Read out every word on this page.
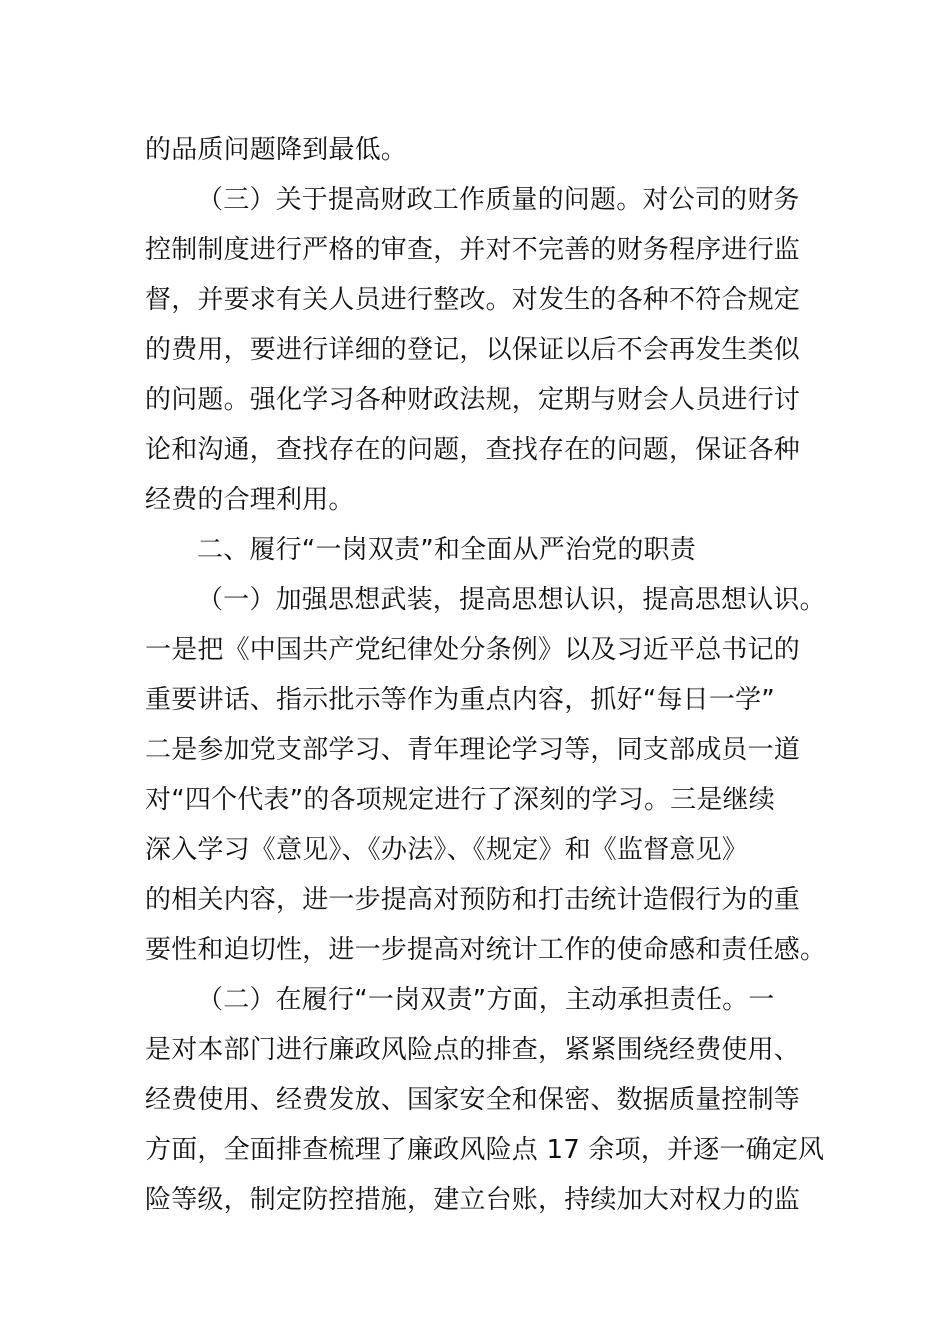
的品质问题降到最低。
（三）关于提高财政工作质量的问题。对公司的财务
控制制度进行严格的审查，并对不完善的财务程序进行监
督，并要求有关人员进行整改。对发生的各种不符合规定
的费用，要进行详细的登记，以保证以后不会再发生类似
的问题。强化学习各种财政法规，定期与财会人员进行讨
论和沟通，查找存在的问题，查找存在的问题，保证各种
经费的合理利用。
二、履行“一岗双责”和全面从严治党的职责
（一）加强思想武装，提高思想认识，提高思想认识。
一是把《中国共产党纪律处分条例》以及习近平总书记的
重要讲话、指示批示等作为重点内容，抓好“每日一学”
二是参加党支部学习、青年理论学习等，同支部成员一道
对“四个代表”的各项规定进行了深刻的学习。三是继续
深入学习《意见》、《办法》、《规定》和《监督意见》
的相关内容，进一步提高对预防和打击统计造假行为的重
要性和迫切性，进一步提高对统计工作的使命感和责任感。
（二）在履行“一岗双责”方面，主动承担责任。一
是对本部门进行廉政风险点的排查，紧紧围绕经费使用、
经费使用、经费发放、国家安全和保密、数据质量控制等
方面，全面排查梳理了廉政风险点 17 余项，并逐一确定风
险等级，制定防控措施，建立台账，持续加大对权力的监
